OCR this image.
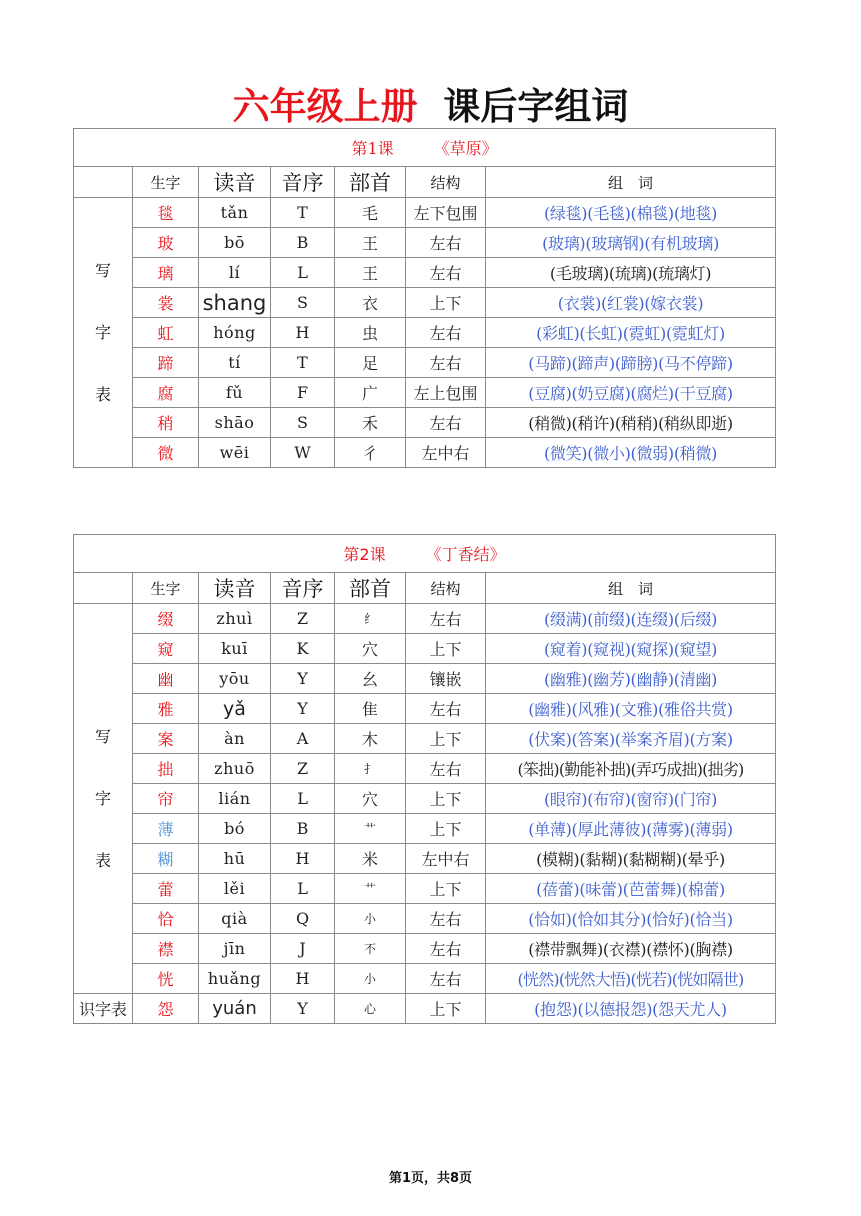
六年级上册 课后字组词
第1课 《草原》						
	生字	读音	音序	部首	结构	组　词

写
字
表	毯	tǎn	T	毛	左下包围	(绿毯)(毛毯)(棉毯)(地毯)
	玻	bō	B	王	左右	(玻璃)(玻璃钢)(有机玻璃)
	璃	lí	L	王	左右	(毛玻璃)(琉璃)(琉璃灯)
	裳	shang	S	衣	上下	(衣裳)(红裳)(嫁衣裳)
	虹	hóng	H	虫	左右	(彩虹)(长虹)(霓虹)(霓虹灯)
	蹄	tí	T	足	左右	(马蹄)(蹄声)(蹄膀)(马不停蹄)
	腐	fǔ	F	广	左上包围	(豆腐)(奶豆腐)(腐烂)(干豆腐)
	稍	shāo	S	禾	左右	(稍微)(稍许)(稍稍)(稍纵即逝)
	微	wēi	W	彳	左中右	(微笑)(微小)(微弱)(稍微)
第2课 《丁香结》						
	生字	读音	音序	部首	结构	组　词

写
字
表	缀	zhuì	Z	纟	左右	(缀满)(前缀)(连缀)(后缀)
	窥	kuī	K	穴	上下	(窥着)(窥视)(窥探)(窥望)
	幽	yōu	Y	幺	镶嵌	(幽雅)(幽芳)(幽静)(清幽)
	雅	yǎ	Y	隹	左右	(幽雅)(风雅)(文雅)(雅俗共赏)
	案	àn	A	木	上下	(伏案)(答案)(举案齐眉)(方案)
	拙	zhuō	Z	扌	左右	(笨拙)(勤能补拙)(弄巧成拙)(拙劣)
	帘	lián	L	穴	上下	(眼帘)(布帘)(窗帘)(门帘)
	薄	bó	B	艹	上下	(单薄)(厚此薄彼)(薄雾)(薄弱)
	糊	hū	H	米	左中右	(模糊)(黏糊)(黏糊糊)(晕乎)
	蕾	lěi	L	艹	上下	(蓓蕾)(味蕾)(芭蕾舞)(棉蕾)
	恰	qià	Q	小	左右	(恰如)(恰如其分)(恰好)(恰当)
	襟	jīn	J	不	左右	(襟带飘舞)(衣襟)(襟怀)(胸襟)
	恍	huǎng	H	小	左右	(恍然)(恍然大悟)(恍若)(恍如隔世)
识字表	怨	yuán	Y	心	上下	(抱怨)(以德报怨)(怨天尤人)
第1页，共8页
